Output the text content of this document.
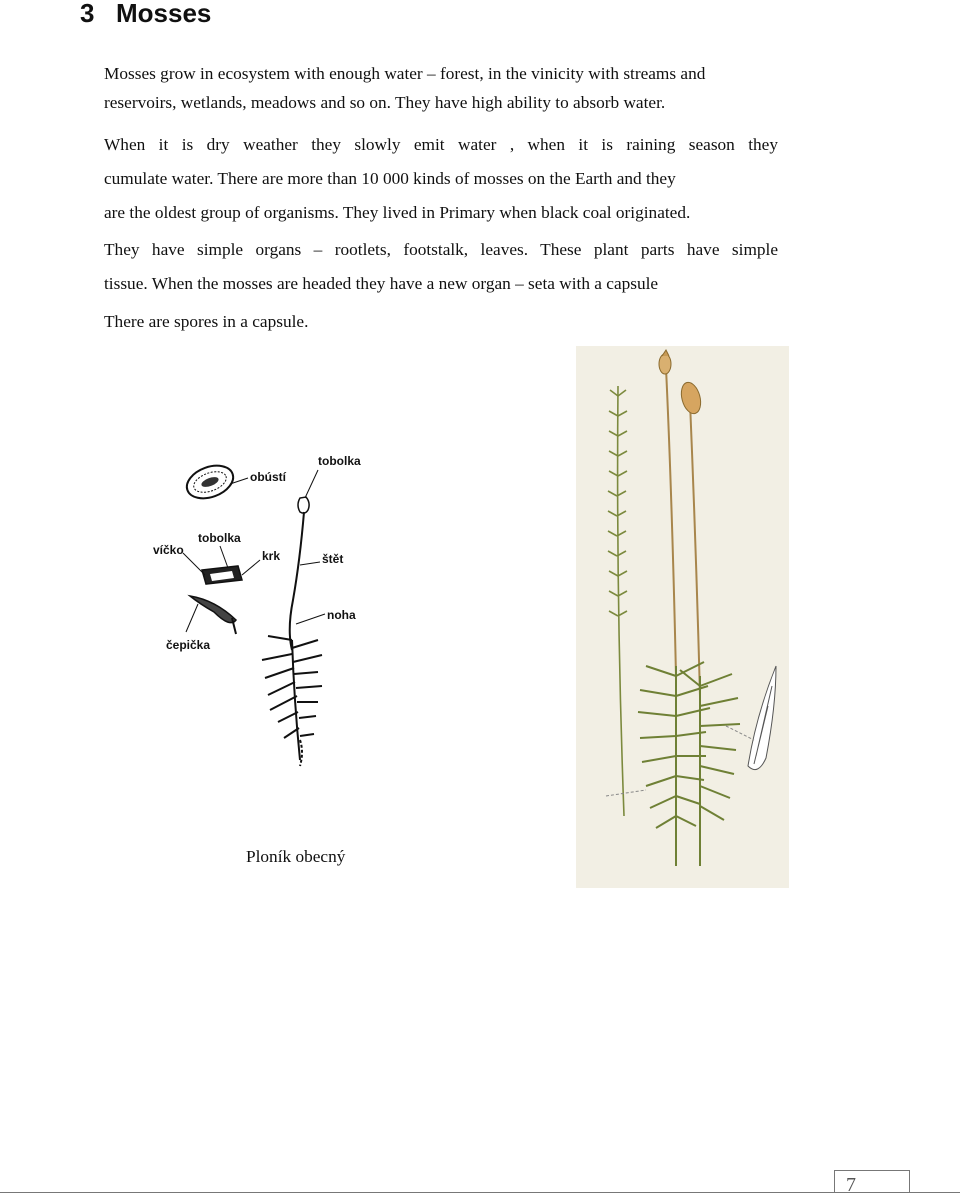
3 Mosses
Mosses grow in ecosystem with enough water – forest, in the vinicity with streams and
reservoirs, wetlands, meadows and so on. They have high ability to absorb water.
When it is dry weather they slowly emit water , when it is raining season they
cumulate water. There are more than 10 000 kinds of mosses on the Earth and they
are the oldest group of organisms. They lived in Primary when black coal originated.
They have simple organs – rootlets, footstalk, leaves. These plant parts have simple
tissue. When the mosses are headed they have a new organ – seta with a capsule
There are spores in a capsule.
tobolka
obústí
víčko
tobolka
krk	štět
noha
čepička
Ploník obecný
7
